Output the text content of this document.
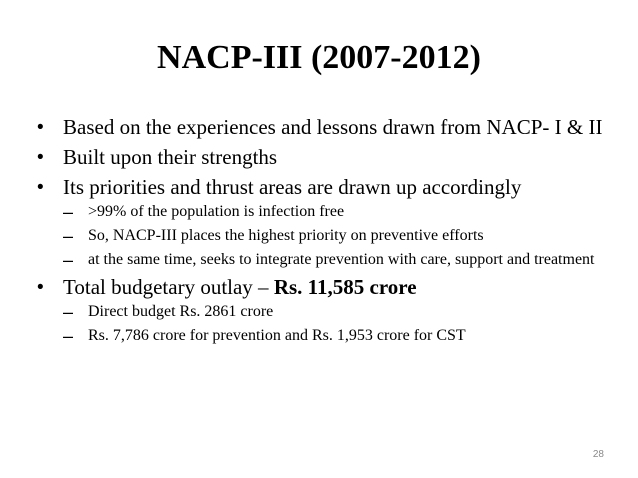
NACP-III (2007-2012)
• Based on the experiences and lessons drawn from NACP- I & II
• Built upon their strengths
• Its priorities and thrust areas are drawn up accordingly
– >99% of the population is infection free
– So, NACP-III places the highest priority on preventive efforts
– at the same time, seeks to integrate prevention with care, support and treatment
• Total budgetary outlay – Rs. 11,585 crore
– Direct budget Rs. 2861 crore
– Rs. 7,786 crore for prevention and Rs. 1,953 crore for CST
28
